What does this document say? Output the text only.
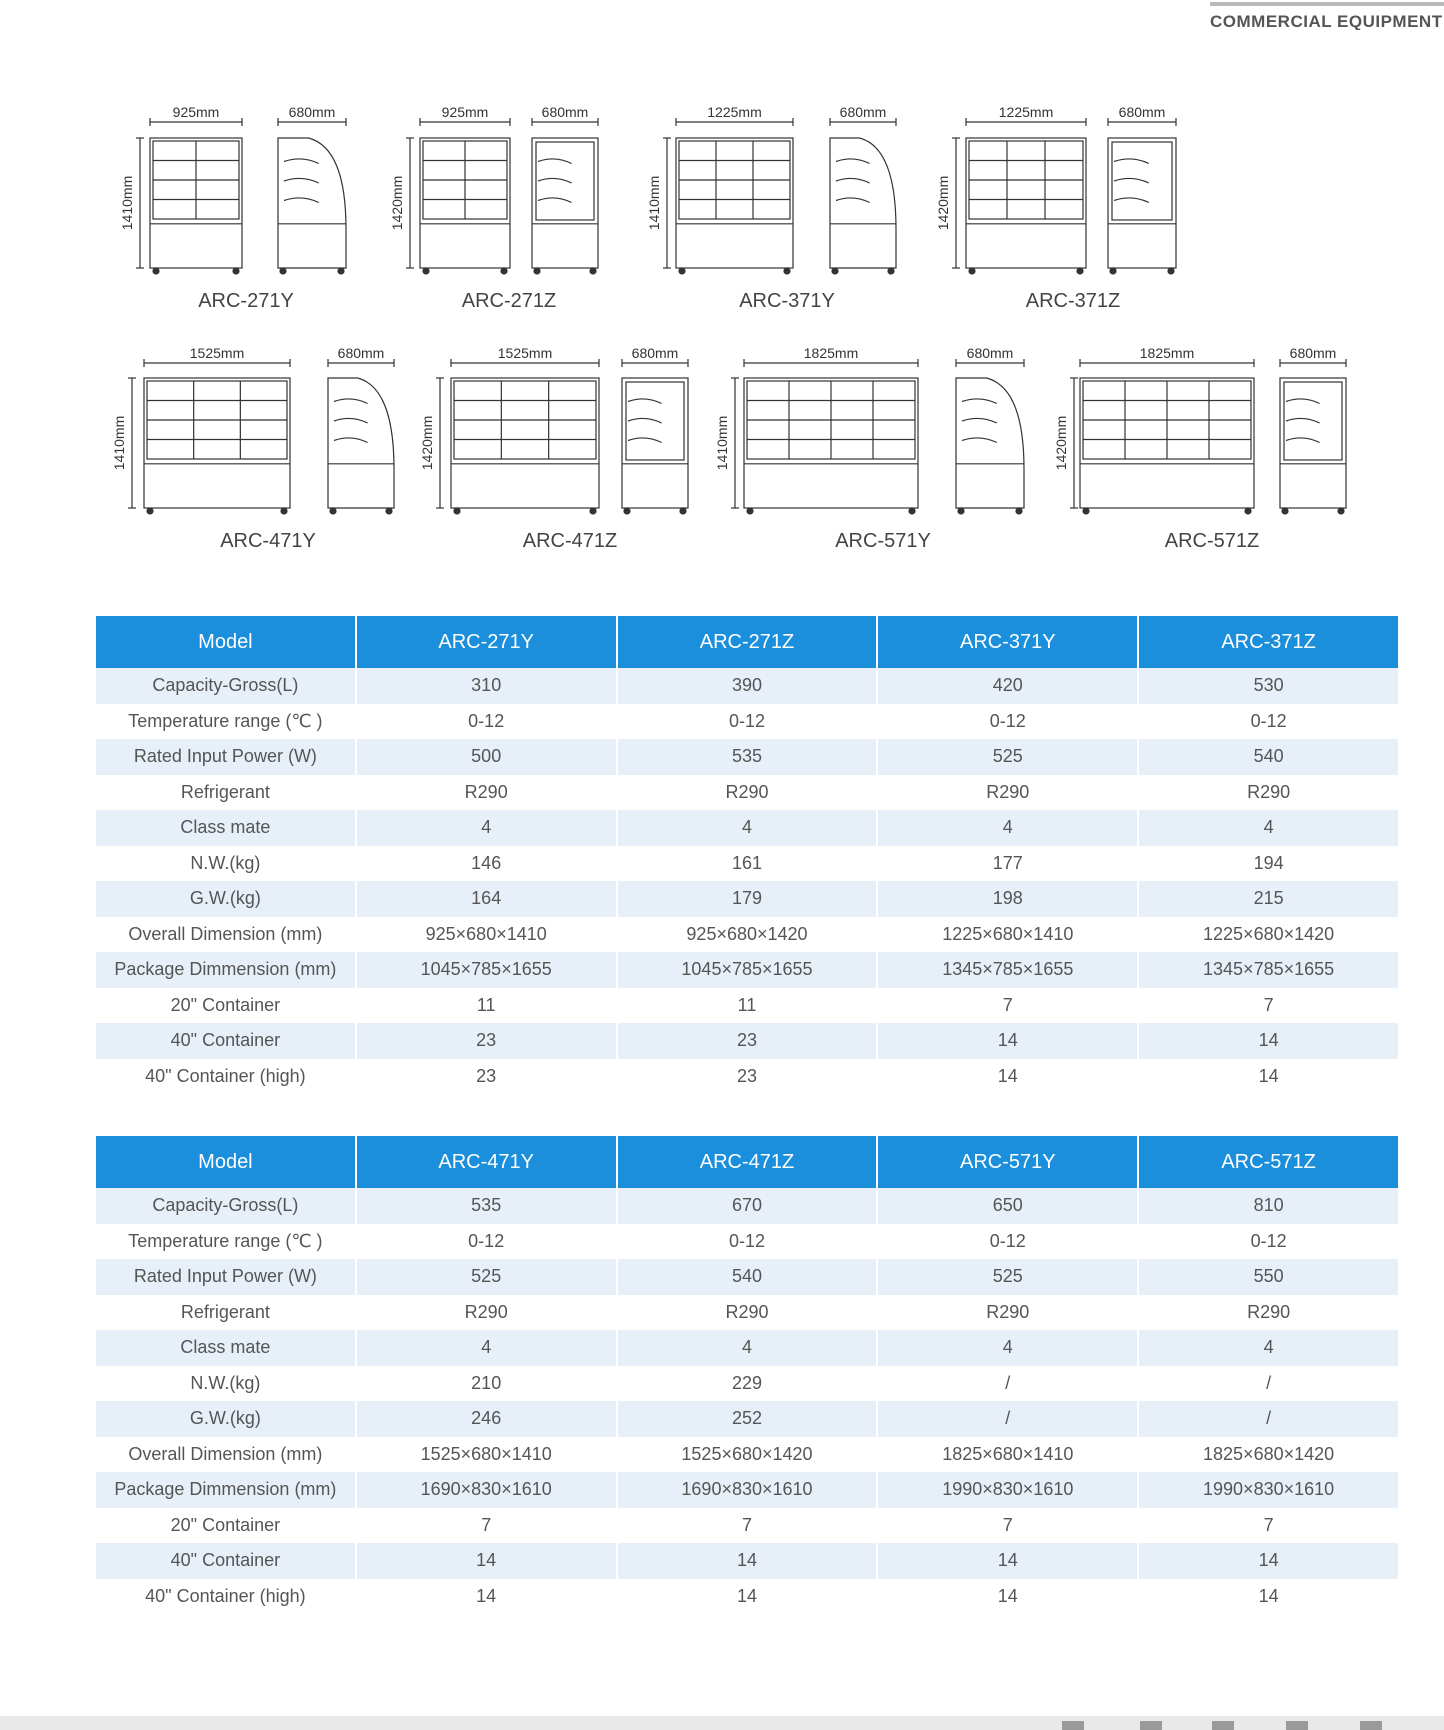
COMMERCIAL EQUIPMENT
925mm	680mm
1410mm
925mm	680mm
1420mm
1225mm	680mm
1410mm
1225mm	680mm
1420mm
1525mm	680mm
1410mm
1525mm	680mm
1420mm
1825mm	680mm
1410mm
1825mm	680mm
1420mm
ARC-271Y	ARC-271Z	ARC-371Y	ARC-371Z
ARC-471Y	ARC-471Z	ARC-571Y	ARC-571Z
Model	ARC-271Y	ARC-271Z	ARC-371Y	ARC-371Z
Capacity-Gross(L)	310	390	420	530
Temperature range (℃ )	0-12	0-12	0-12	0-12
Rated Input Power (W)	500	535	525	540
Refrigerant	R290	R290	R290	R290
Class mate	4	4	4	4
N.W.(kg)	146	161	177	194
G.W.(kg)	164	179	198	215
Overall Dimension (mm)	925×680×1410	925×680×1420	1225×680×1410	1225×680×1420
Package Dimmension (mm)	1045×785×1655	1045×785×1655	1345×785×1655	1345×785×1655
20" Container	11	11	7	7
40" Container	23	23	14	14
40" Container (high)	23	23	14	14
Model	ARC-471Y	ARC-471Z	ARC-571Y	ARC-571Z
Capacity-Gross(L)	535	670	650	810
Temperature range (℃ )	0-12	0-12	0-12	0-12
Rated Input Power (W)	525	540	525	550
Refrigerant	R290	R290	R290	R290
Class mate	4	4	4	4
N.W.(kg)	210	229	/	/
G.W.(kg)	246	252	/	/
Overall Dimension (mm)	1525×680×1410	1525×680×1420	1825×680×1410	1825×680×1420
Package Dimmension (mm)	1690×830×1610	1690×830×1610	1990×830×1610	1990×830×1610
20" Container	7	7	7	7
40" Container	14	14	14	14
40" Container (high)	14	14	14	14
